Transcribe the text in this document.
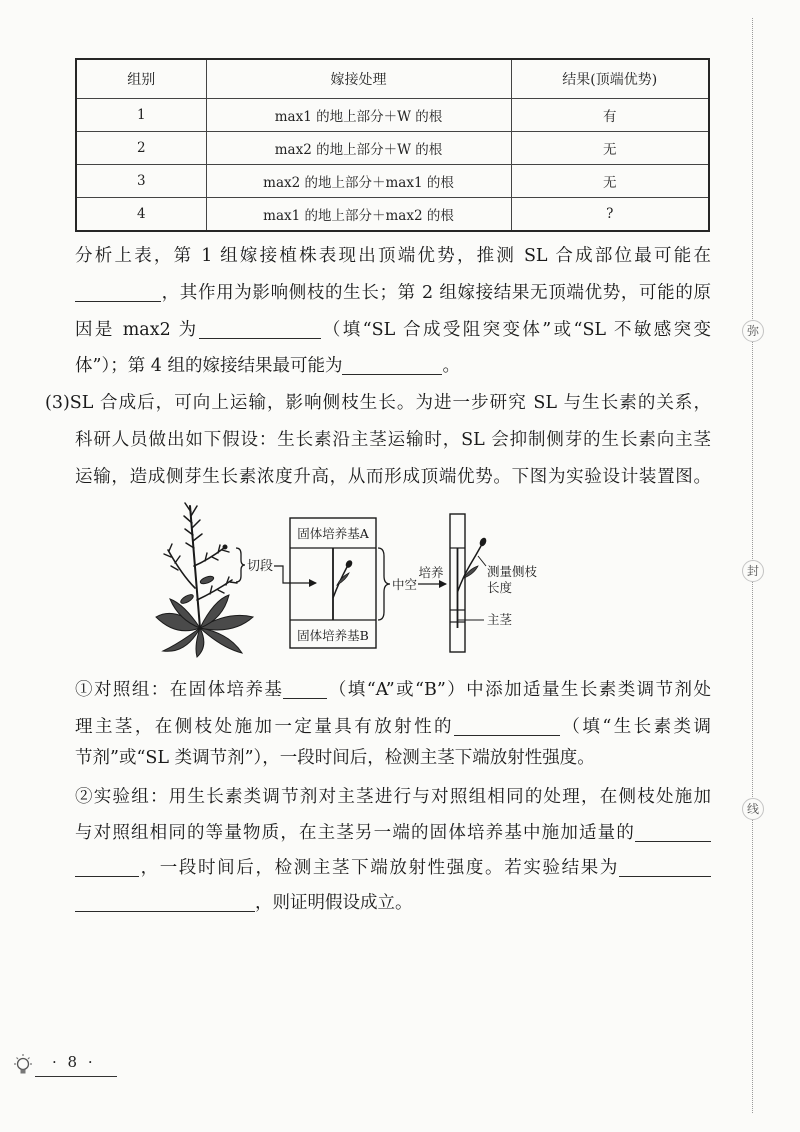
组别	嫁接处理	结果(顶端优势)
1	max1 的地上部分＋W 的根	有
2	max2 的地上部分＋W 的根	无
3	max2 的地上部分＋max1 的根	无
4	max1 的地上部分＋max2 的根	?
分析上表，第 1 组嫁接植株表现出顶端优势，推测 SL 合成部位最可能在
，其作用为影响侧枝的生长；第 2 组嫁接结果无顶端优势，可能的原
因是 max2 为	（填“SL 合成受阻突变体”或“SL 不敏感突变
体”）；第 4 组的嫁接结果最可能为	。
(3)SL 合成后，可向上运输，影响侧枝生长。为进一步研究 SL 与生长素的关系，
科研人员做出如下假设：生长素沿主茎运输时，SL 会抑制侧芽的生长素向主茎
运输，造成侧芽生长素浓度升高，从而形成顶端优势。下图为实验设计装置图。
切段
固体培养基A
固体培养基B
中空
培养	测量侧枝
长度
主茎
①对照组：在固体培养基	（填“A”或“B”）中添加适量生长素类调节剂处
理主茎，在侧枝处施加一定量具有放射性的	（填“生长素类调
节剂”或“SL 类调节剂”），一段时间后，检测主茎下端放射性强度。
②实验组：用生长素类调节剂对主茎进行与对照组相同的处理，在侧枝处施加
与对照组相同的等量物质，在主茎另一端的固体培养基中施加适量的
，一段时间后，检测主茎下端放射性强度。若实验结果为
，则证明假设成立。
· 8 ·
弥
封
线
